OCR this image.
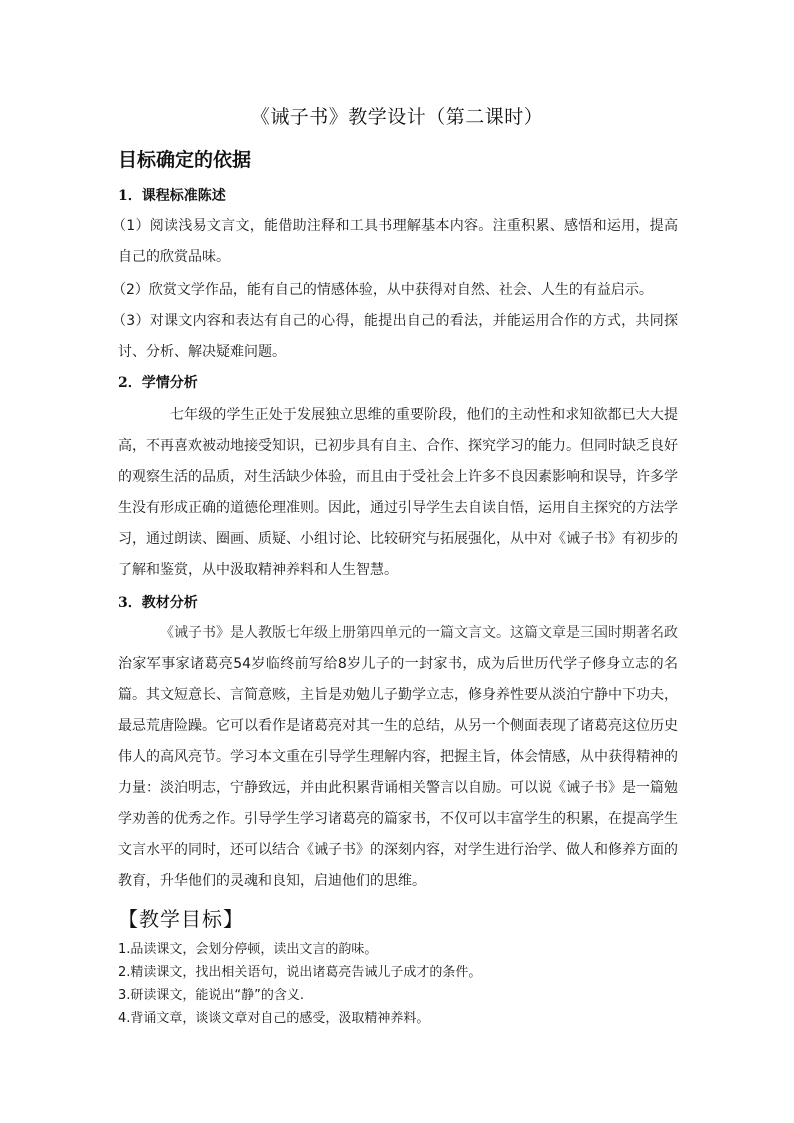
《诫子书》教学设计（第二课时）
目标确定的依据
1．课程标准陈述
（1）阅读浅易文言文，能借助注释和工具书理解基本内容。注重积累、感悟和运用，提高自己的欣赏品味。
（2）欣赏文学作品，能有自己的情感体验，从中获得对自然、社会、人生的有益启示。
（3）对课文内容和表达有自己的心得，能提出自己的看法，并能运用合作的方式，共同探讨、分析、解决疑难问题。
2．学情分析
七年级的学生正处于发展独立思维的重要阶段，他们的主动性和求知欲都已大大提高，不再喜欢被动地接受知识，已初步具有自主、合作、探究学习的能力。但同时缺乏良好的观察生活的品质，对生活缺少体验，而且由于受社会上许多不良因素影响和误导，许多学生没有形成正确的道德伦理准则。因此，通过引导学生去自读自悟，运用自主探究的方法学习，通过朗读、圈画、质疑、小组讨论、比较研究与拓展强化，从中对《诫子书》有初步的了解和鉴赏，从中汲取精神养料和人生智慧。
3．教材分析
《诫子书》是人教版七年级上册第四单元的一篇文言文。这篇文章是三国时期著名政治家军事家诸葛亮54岁临终前写给8岁儿子的一封家书，成为后世历代学子修身立志的名篇。其文短意长、言简意赅，主旨是劝勉儿子勤学立志，修身养性要从淡泊宁静中下功夫，最忌荒唐险躁。它可以看作是诸葛亮对其一生的总结，从另一个侧面表现了诸葛亮这位历史伟人的高风亮节。学习本文重在引导学生理解内容，把握主旨，体会情感，从中获得精神的力量：淡泊明志，宁静致远，并由此积累背诵相关警言以自励。可以说《诫子书》是一篇勉学劝善的优秀之作。引导学生学习诸葛亮的篇家书，不仅可以丰富学生的积累，在提高学生文言水平的同时，还可以结合《诫子书》的深刻内容，对学生进行治学、做人和修养方面的教育，升华他们的灵魂和良知，启迪他们的思维。
【教学目标】
1.品读课文，会划分停顿，读出文言的韵味。
2.精读课文，找出相关语句，说出诸葛亮告诫儿子成才的条件。
3.研读课文，能说出“静”的含义.
4.背诵文章，谈谈文章对自己的感受，汲取精神养料。
